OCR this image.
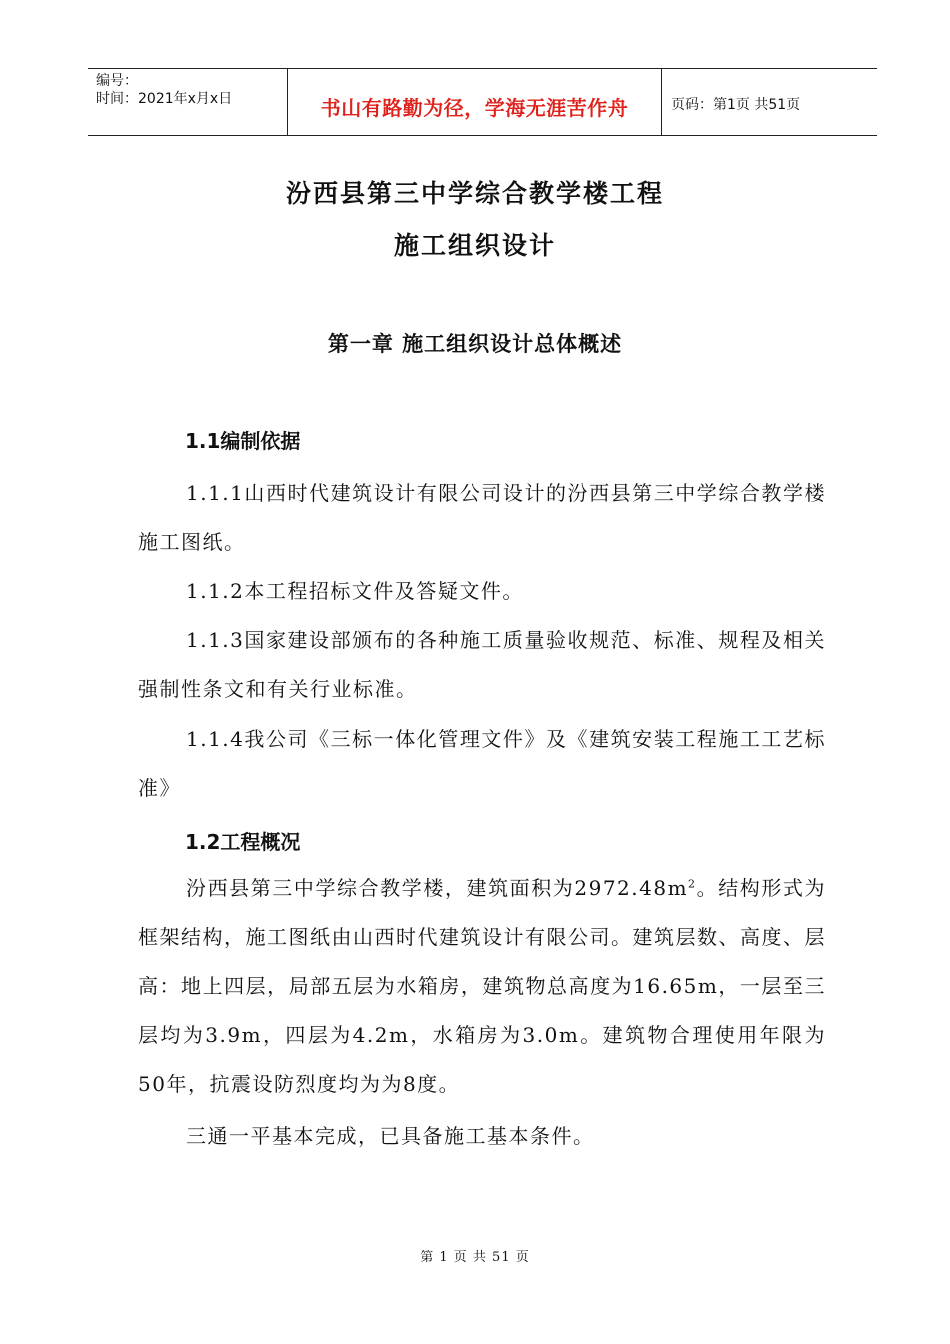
编号：
时间：2021年x月x日	书山有路勤为径，学海无涯苦作舟	页码：第1页 共51页
汾西县第三中学综合教学楼工程
施工组织设计
第一章 施工组织设计总体概述
1.1编制依据

1.1.1山西时代建筑设计有限公司设计的汾西县第三中学综合教学楼施工图纸。

1.1.2本工程招标文件及答疑文件。

1.1.3国家建设部颁布的各种施工质量验收规范、标准、规程及相关强制性条文和有关行业标准。

1.1.4我公司《三标一体化管理文件》及《建筑安装工程施工工艺标准》

1.2工程概况

汾西县第三中学综合教学楼，建筑面积为$2972.48m^2$。结构形式为框架结构，施工图纸由山西时代建筑设计有限公司。建筑层数、高度、层高：地上四层，局部五层为水箱房，建筑物总高度为16.65m，一层至三层均为3.9m，四层为4.2m，水箱房为3.0m。建筑物合理使用年限为50年，抗震设防烈度均为为8度。

三通一平基本完成，已具备施工基本条件。

第 1 页 共 51 页
